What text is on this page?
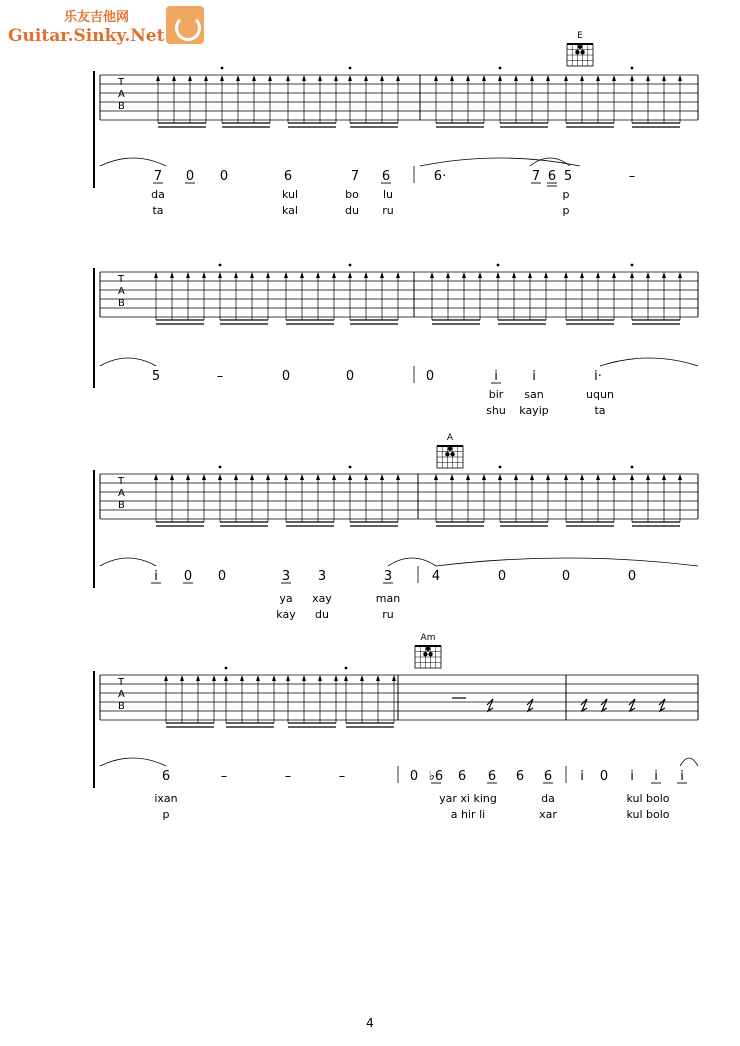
乐友吉他网
Guitar.Sinky.Net
T
A
B
7 0 0	6	7 6	6·	7 6 5	–
da	kul	bo lu	p
ta	kal	du ru	p
E
T
A
B
5	–	0	0	0	i	i	i·
bir san	uqun
shu kayip	ta
T
A
B
i 0 0	3 3	3	4	0	0	0
ya xay	man
kay du	ru
A
T
A
B
6	–	–	–	0 ♭6 6 6 6 6 i 0 i i i
ixan	yar xi king	da	kul bolo
p	a hir li	xar	kul bolo
Am
4
